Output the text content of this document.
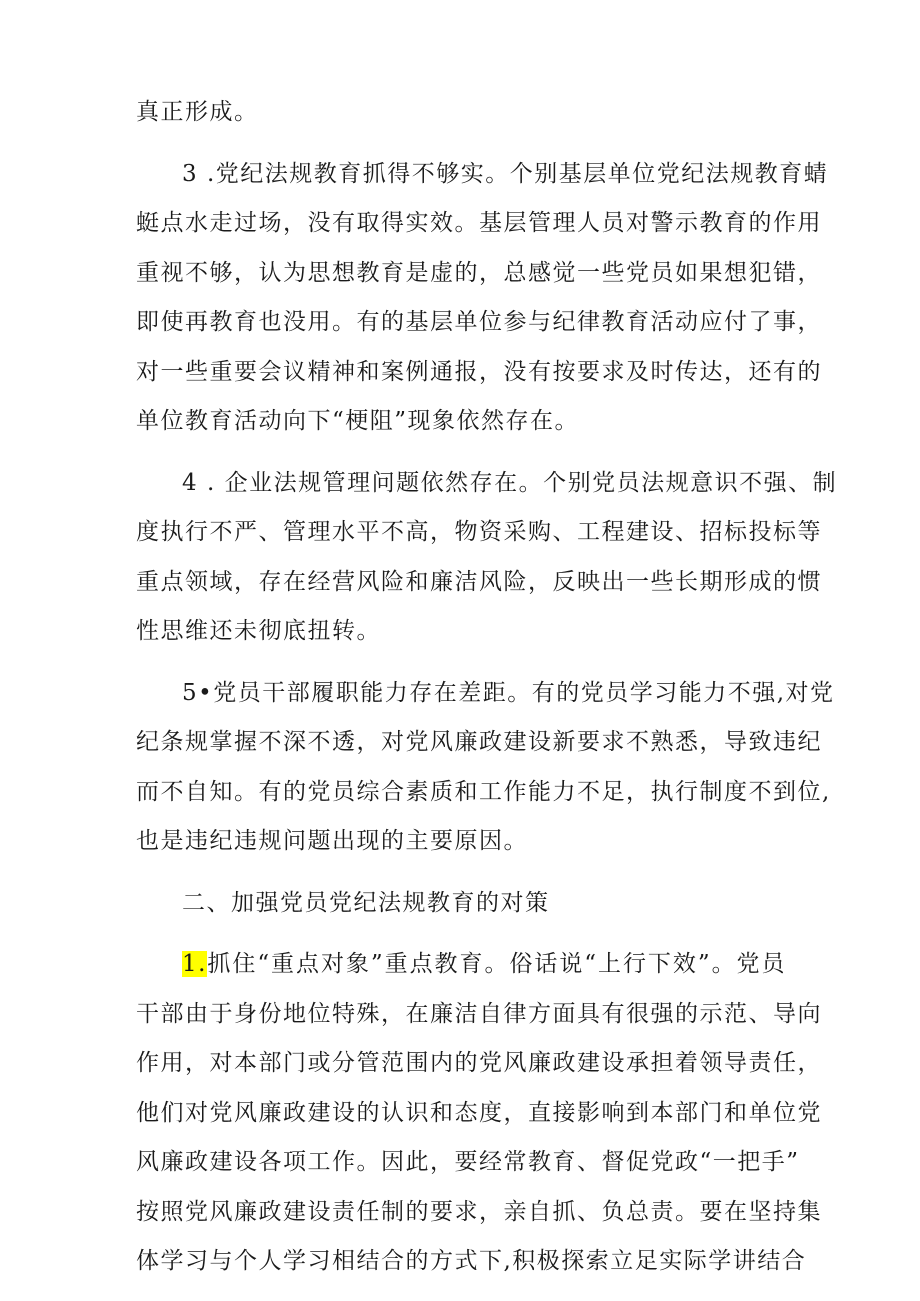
真正形成。
3 .党纪法规教育抓得不够实。个别基层单位党纪法规教育蜻
蜓点水走过场，没有取得实效。基层管理人员对警示教育的作用
重视不够，认为思想教育是虚的，总感觉一些党员如果想犯错，
即使再教育也没用。有的基层单位参与纪律教育活动应付了事，
对一些重要会议精神和案例通报，没有按要求及时传达，还有的
单位教育活动向下“梗阻”现象依然存在。
4 . 企业法规管理问题依然存在。个别党员法规意识不强、制
度执行不严、管理水平不高，物资采购、工程建设、招标投标等
重点领域，存在经营风险和廉洁风险，反映出一些长期形成的惯
性思维还未彻底扭转。
5•党员干部履职能力存在差距。有的党员学习能力不强,对党
纪条规掌握不深不透，对党风廉政建设新要求不熟悉，导致违纪
而不自知。有的党员综合素质和工作能力不足，执行制度不到位,
也是违纪违规问题出现的主要原因。
二、加强党员党纪法规教育的对策
1.抓住“重点对象”重点教育。俗话说“上行下效”。党员
干部由于身份地位特殊，在廉洁自律方面具有很强的示范、导向
作用，对本部门或分管范围内的党风廉政建设承担着领导责任，
他们对党风廉政建设的认识和态度，直接影响到本部门和单位党
风廉政建设各项工作。因此，要经常教育、督促党政“一把手”
按照党风廉政建设责任制的要求，亲自抓、负总责。要在坚持集
体学习与个人学习相结合的方式下,积极探索立足实际学讲结合
